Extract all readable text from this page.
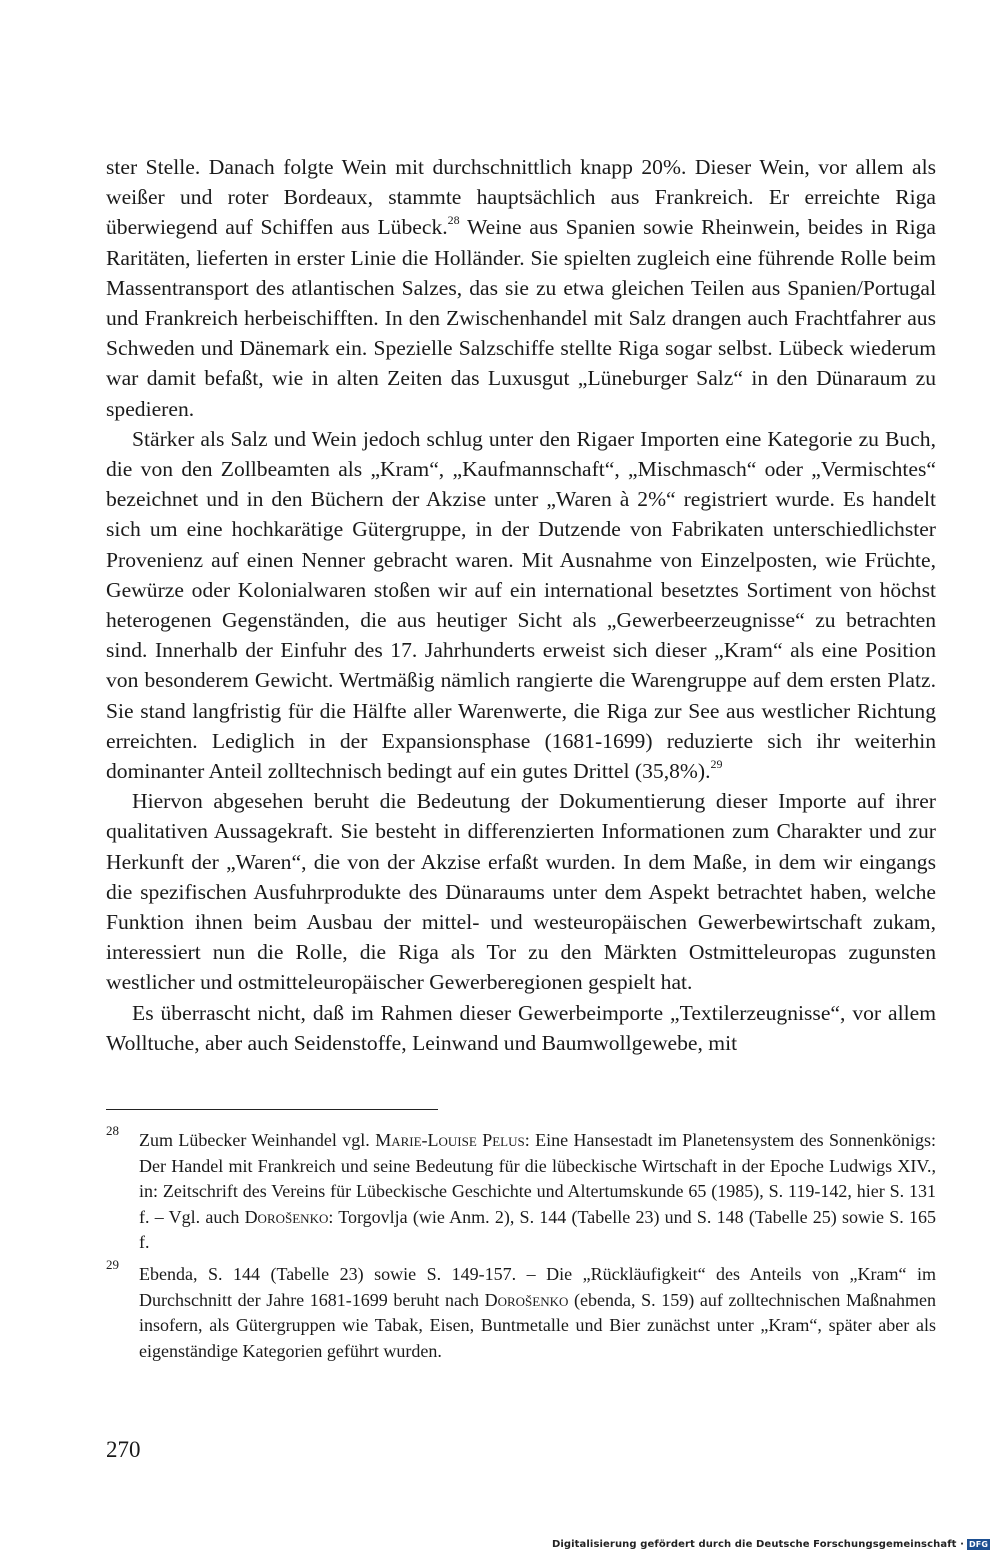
ster Stelle. Danach folgte Wein mit durchschnittlich knapp 20%. Dieser Wein, vor allem als weißer und roter Bordeaux, stammte hauptsächlich aus Frankreich. Er erreichte Riga überwiegend auf Schiffen aus Lübeck.$^{28}$ Weine aus Spanien sowie Rheinwein, beides in Riga Raritäten, lieferten in erster Linie die Holländer. Sie spielten zugleich eine führende Rolle beim Massentransport des atlantischen Salzes, das sie zu etwa gleichen Teilen aus Spanien/Portugal und Frankreich herbeischifften. In den Zwischenhandel mit Salz drangen auch Frachtfahrer aus Schweden und Dänemark ein. Spezielle Salzschiffe stellte Riga sogar selbst. Lübeck wiederum war damit befaßt, wie in alten Zeiten das Luxusgut „Lüneburger Salz“ in den Dünaraum zu spedieren.

Stärker als Salz und Wein jedoch schlug unter den Rigaer Importen eine Kategorie zu Buch, die von den Zollbeamten als „Kram“, „Kaufmannschaft“, „Mischmasch“ oder „Vermischtes“ bezeichnet und in den Büchern der Akzise unter „Waren à 2%“ registriert wurde. Es handelt sich um eine hochkarätige Gütergruppe, in der Dutzende von Fabrikaten unterschiedlichster Provenienz auf einen Nenner gebracht waren. Mit Ausnahme von Einzelposten, wie Früchte, Gewürze oder Kolonialwaren stoßen wir auf ein international besetztes Sortiment von höchst heterogenen Gegenständen, die aus heutiger Sicht als „Gewerbeerzeugnisse“ zu betrachten sind. Innerhalb der Einfuhr des 17. Jahrhunderts erweist sich dieser „Kram“ als eine Position von besonderem Gewicht. Wertmäßig nämlich rangierte die Warengruppe auf dem ersten Platz. Sie stand langfristig für die Hälfte aller Warenwerte, die Riga zur See aus westlicher Richtung erreichten. Lediglich in der Expansionsphase (1681-1699) reduzierte sich ihr weiterhin dominanter Anteil zolltechnisch bedingt auf ein gutes Drittel (35,8%).$^{29}$

Hiervon abgesehen beruht die Bedeutung der Dokumentierung dieser Importe auf ihrer qualitativen Aussagekraft. Sie besteht in differenzierten Informationen zum Charakter und zur Herkunft der „Waren“, die von der Akzise erfaßt wurden. In dem Maße, in dem wir eingangs die spezifischen Ausfuhrprodukte des Dünaraums unter dem Aspekt betrachtet haben, welche Funktion ihnen beim Ausbau der mittel- und westeuropäischen Gewerbewirtschaft zukam, interessiert nun die Rolle, die Riga als Tor zu den Märkten Ostmitteleuropas zugunsten westlicher und ostmitteleuropäischer Gewerberegionen gespielt hat.

Es überrascht nicht, daß im Rahmen dieser Gewerbeimporte „Textilerzeugnisse“, vor allem Wolltuche, aber auch Seidenstoffe, Leinwand und Baumwollgewebe, mit

28 Zum Lübecker Weinhandel vgl. Marie-Louise Pelus: Eine Hansestadt im Planetensystem des Sonnenkönigs: Der Handel mit Frankreich und seine Bedeutung für die lübeckische Wirtschaft in der Epoche Ludwigs XIV., in: Zeitschrift des Vereins für Lübeckische Geschichte und Altertumskunde 65 (1985), S. 119-142, hier S. 131 f. – Vgl. auch Dorošenko: Torgovlja (wie Anm. 2), S. 144 (Tabelle 23) und S. 148 (Tabelle 25) sowie S. 165 f.
29 Ebenda, S. 144 (Tabelle 23) sowie S. 149-157. – Die „Rückläufigkeit“ des Anteils von „Kram“ im Durchschnitt der Jahre 1681-1699 beruht nach Dorošenko (ebenda, S. 159) auf zolltechnischen Maßnahmen insofern, als Gütergruppen wie Tabak, Eisen, Buntmetalle und Bier zunächst unter „Kram“, später aber als eigenständige Kategorien geführt wurden.
270
Digitalisierung gefördert durch die Deutsche Forschungsgemeinschaft · DFG
